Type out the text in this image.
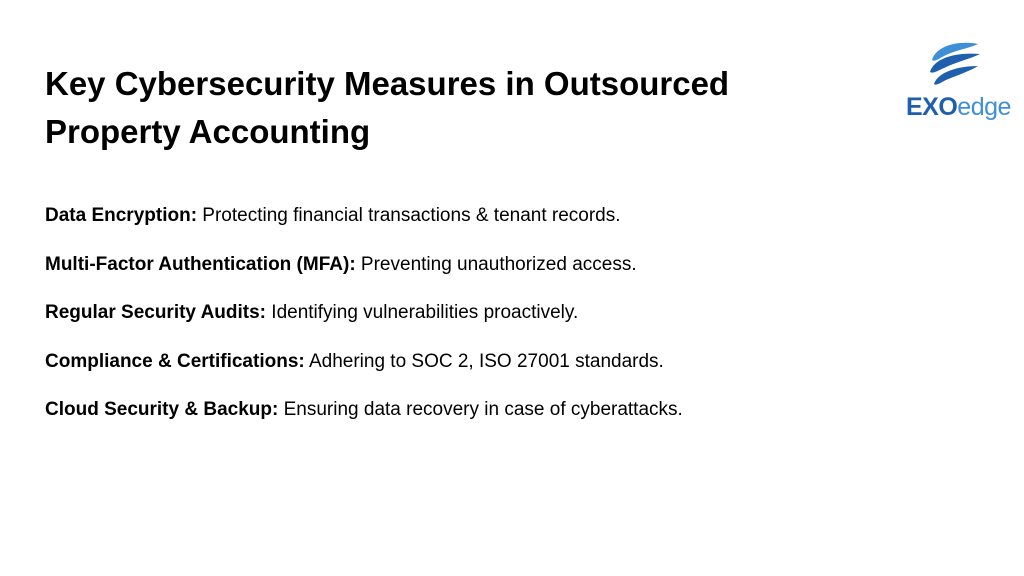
Key Cybersecurity Measures in Outsourced
Property Accounting
Data Encryption: Protecting financial transactions & tenant records.
Multi-Factor Authentication (MFA): Preventing unauthorized access.
Regular Security Audits: Identifying vulnerabilities proactively.
Compliance & Certifications: Adhering to SOC 2, ISO 27001 standards.
Cloud Security & Backup: Ensuring data recovery in case of cyberattacks.
EXOedge
